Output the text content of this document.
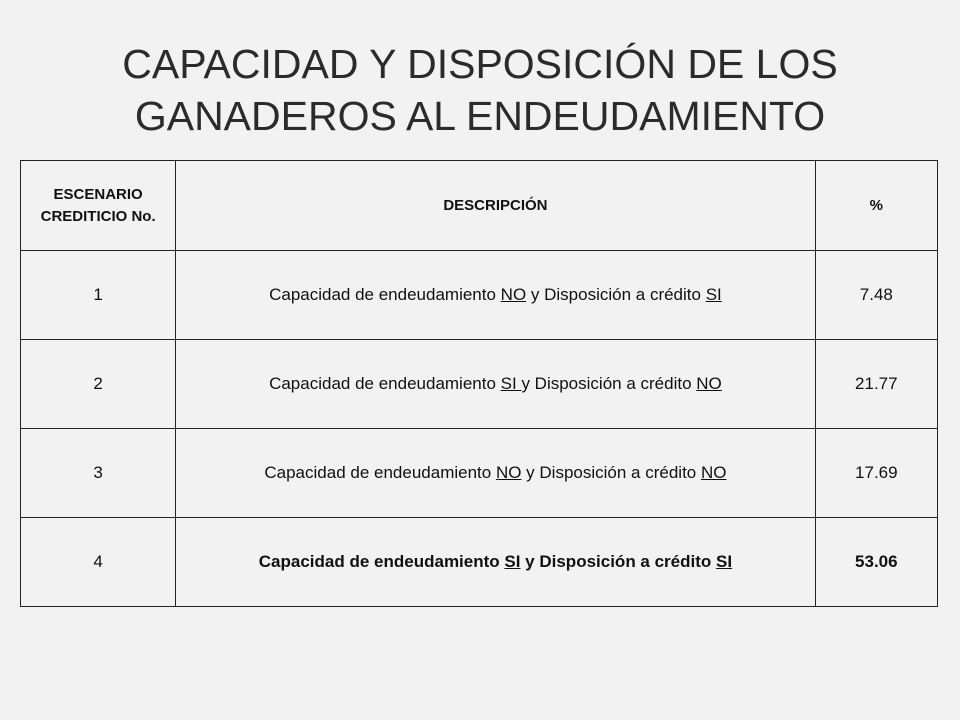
CAPACIDAD Y DISPOSICIÓN DE LOS
GANADEROS AL ENDEUDAMIENTO
ESCENARIO
CREDITICIO No.	DESCRIPCIÓN	%
1	Capacidad de endeudamiento NO y Disposición a crédito SI	7.48
2	Capacidad de endeudamiento SI y Disposición a crédito NO	21.77
3	Capacidad de endeudamiento NO y Disposición a crédito NO	17.69
4	Capacidad de endeudamiento SI y Disposición a crédito SI	53.06
